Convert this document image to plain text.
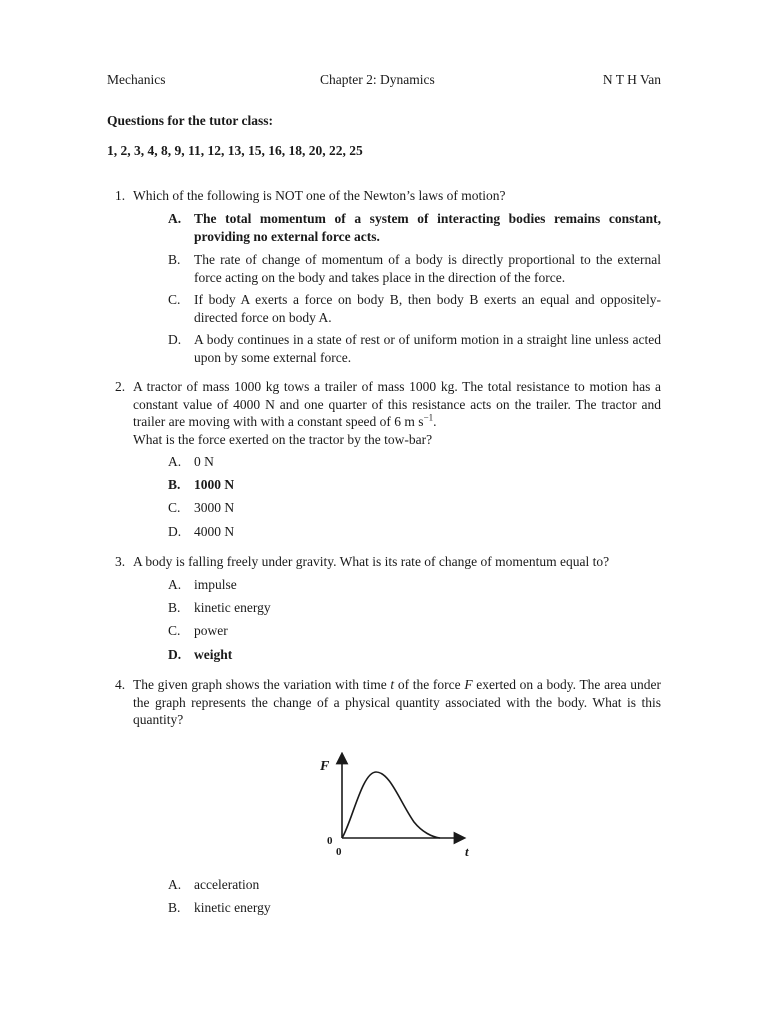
Mechanics	Chapter 2: Dynamics	N T H Van
Questions for the tutor class:
1, 2, 3, 4, 8, 9, 11, 12, 13, 15, 16, 18, 20, 22, 25
1. Which of the following is NOT one of the Newton’s laws of motion?
A. The total momentum of a system of interacting bodies remains constant, providing no external force acts.
B. The rate of change of momentum of a body is directly proportional to the external force acting on the body and takes place in the direction of the force.
C. If body A exerts a force on body B, then body B exerts an equal and oppositely-directed force on body A.
D. A body continues in a state of rest or of uniform motion in a straight line unless acted upon by some external force.
2. A tractor of mass 1000 kg tows a trailer of mass 1000 kg. The total resistance to motion has a constant value of 4000 N and one quarter of this resistance acts on the trailer. The tractor and trailer are moving with with a constant speed of 6 m $s^{-1}$.
What is the force exerted on the tractor by the tow-bar?
A. 0 N
B. 1000 N
C. 3000 N
D. 4000 N
3. A body is falling freely under gravity. What is its rate of change of momentum equal to?
A. impulse
B. kinetic energy
C. power
D. weight
4. The given graph shows the variation with time t of the force F exerted on a body. The area under the graph represents the change of a physical quantity associated with the body. What is this quantity?
F
0
0	t
A. acceleration
B. kinetic energy
